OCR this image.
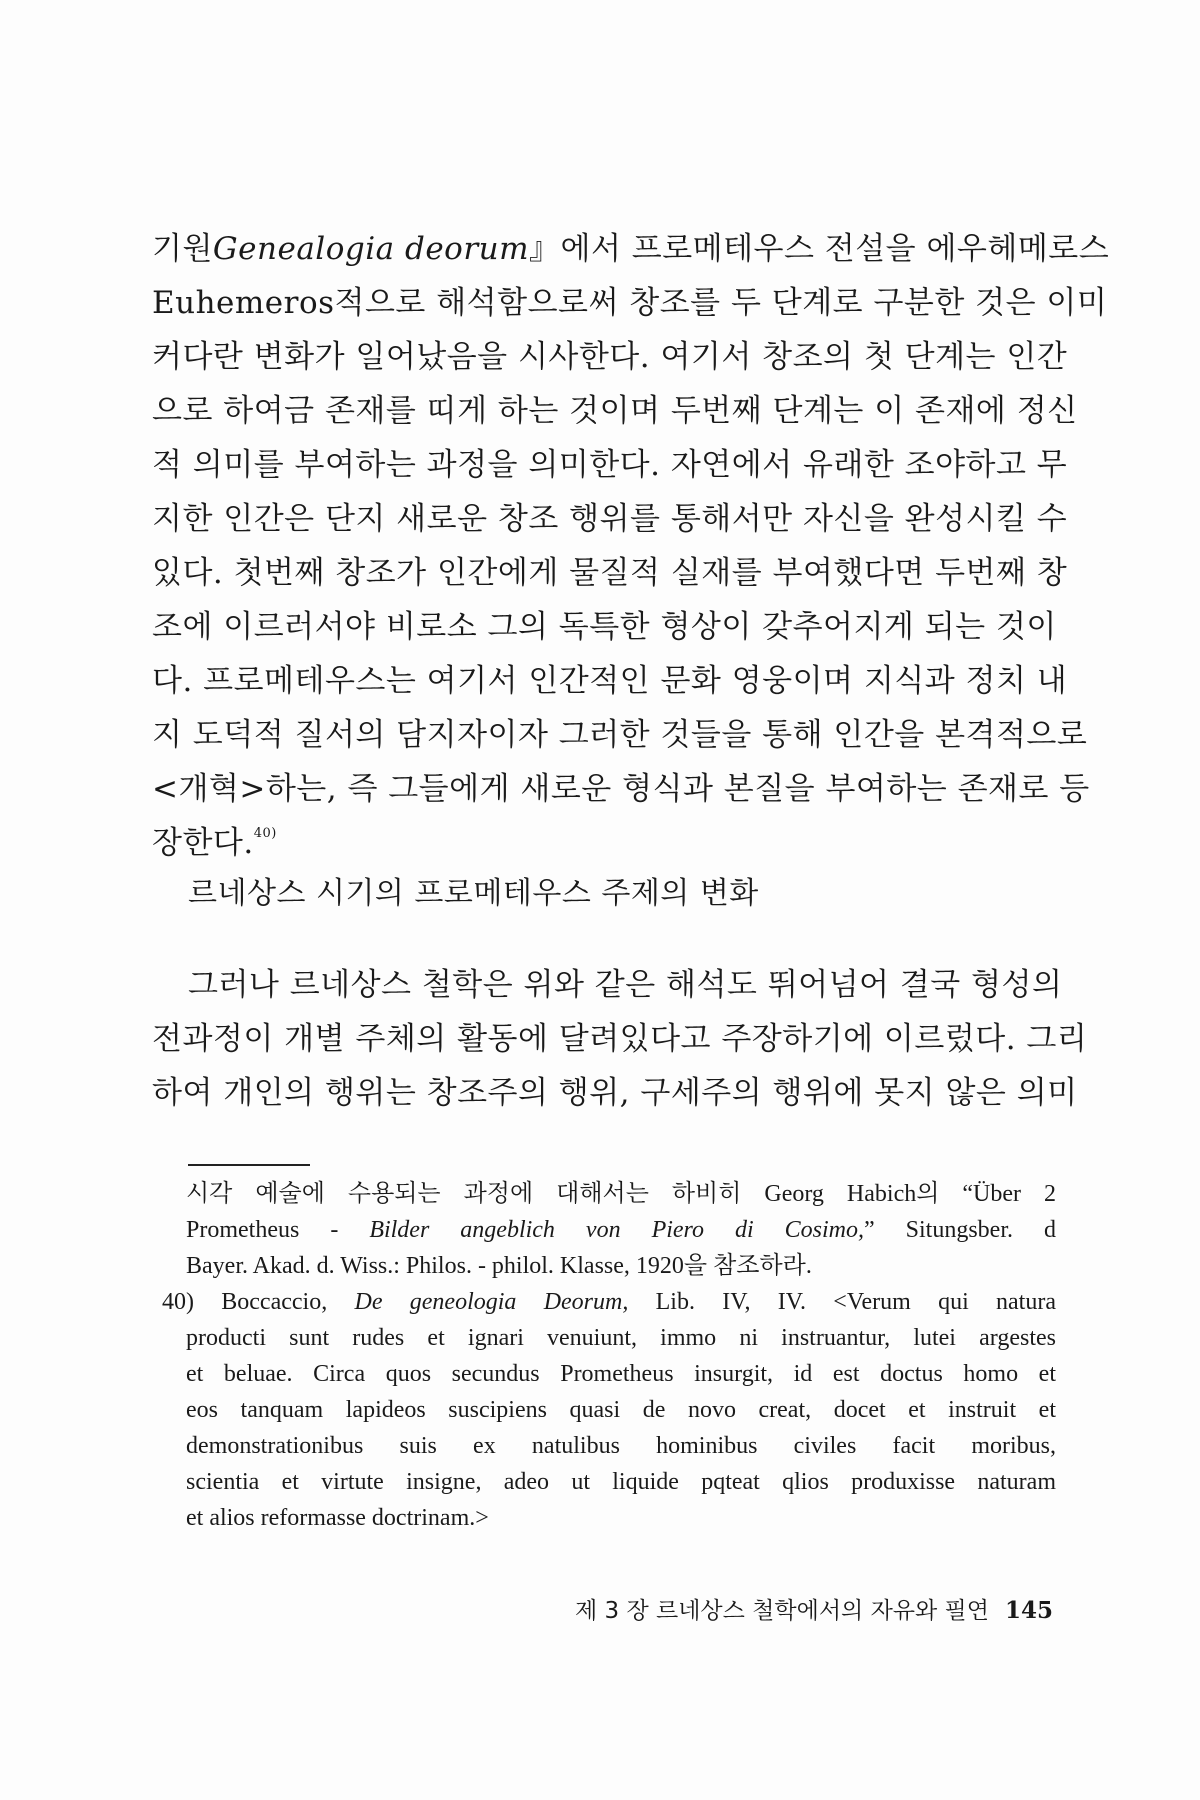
기원Genealogia deorum』에서 프로메테우스 전설을 에우헤메로스
Euhemeros적으로 해석함으로써 창조를 두 단계로 구분한 것은 이미
커다란 변화가 일어났음을 시사한다. 여기서 창조의 첫 단계는 인간
으로 하여금 존재를 띠게 하는 것이며 두번째 단계는 이 존재에 정신
적 의미를 부여하는 과정을 의미한다. 자연에서 유래한 조야하고 무
지한 인간은 단지 새로운 창조 행위를 통해서만 자신을 완성시킬 수
있다. 첫번째 창조가 인간에게 물질적 실재를 부여했다면 두번째 창
조에 이르러서야 비로소 그의 독특한 형상이 갖추어지게 되는 것이
다. 프로메테우스는 여기서 인간적인 문화 영웅이며 지식과 정치 내
지 도덕적 질서의 담지자이자 그러한 것들을 통해 인간을 본격적으로
<개혁>하는, 즉 그들에게 새로운 형식과 본질을 부여하는 존재로 등
장한다.$^{40)}$
르네상스 시기의 프로메테우스 주제의 변화
그러나 르네상스 철학은 위와 같은 해석도 뛰어넘어 결국 형성의
전과정이 개별 주체의 활동에 달려있다고 주장하기에 이르렀다. 그리
하여 개인의 행위는 창조주의 행위, 구세주의 행위에 못지 않은 의미
시각 예술에 수용되는 과정에 대해서는 하비히 Georg Habich의 “Über 2
Prometheus - Bilder angeblich von Piero di Cosimo,” Situngsber. d
Bayer. Akad. d. Wiss.: Philos. - philol. Klasse, 1920을 참조하라.
40) Boccaccio, De geneologia Deorum, Lib. IV, IV. <Verum qui natura
producti sunt rudes et ignari venuiunt, immo ni instruantur, lutei argestes
et beluae. Circa quos secundus Prometheus insurgit, id est doctus homo et
eos tanquam lapideos suscipiens quasi de novo creat, docet et instruit et
demonstrationibus suis ex natulibus hominibus civiles facit moribus,
scientia et virtute insigne, adeo ut liquide pqteat qlios produxisse naturam
et alios reformasse doctrinam.>
제 3 장 르네상스 철학에서의 자유와 필연 145
